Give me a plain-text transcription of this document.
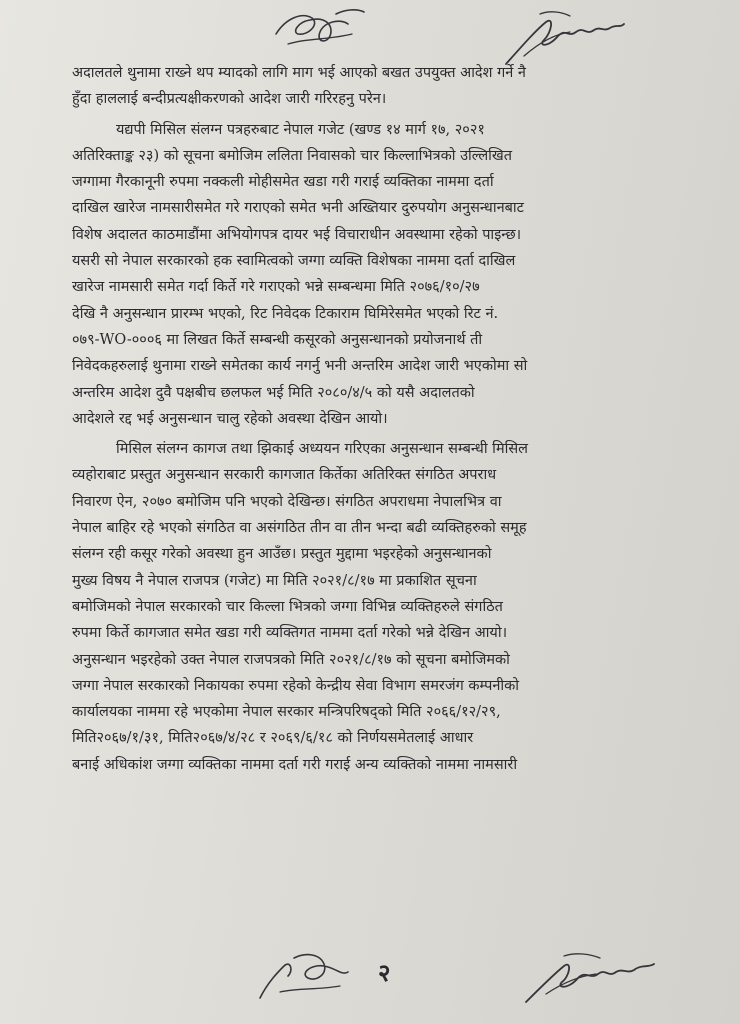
अदालतले थुनामा राख्ने थप म्यादको लागि माग भई आएको बखत उपयुक्त आदेश गर्ने नै
हुँदा हाललाई बन्दीप्रत्यक्षीकरणको आदेश जारी गरिरहनु परेन।

यद्यपी मिसिल संलग्न पत्रहरुबाट नेपाल गजेट (खण्ड १४ मार्ग १७, २०२१
अतिरिक्ताङ्क २३) को सूचना बमोजिम ललिता निवासको चार किल्लाभित्रको उल्लिखित
जग्गामा गैरकानूनी रुपमा नक्कली मोहीसमेत खडा गरी गराई व्यक्तिका नाममा दर्ता
दाखिल खारेज नामसारीसमेत गरे गराएको समेत भनी अख्तियार दुरुपयोग अनुसन्धानबाट
विशेष अदालत काठमाडौंमा अभियोगपत्र दायर भई विचाराधीन अवस्थामा रहेको पाइन्छ।
यसरी सो नेपाल सरकारको हक स्वामित्वको जग्गा व्यक्ति विशेषका नाममा दर्ता दाखिल
खारेज नामसारी समेत गर्दा किर्ते गरे गराएको भन्ने सम्बन्धमा मिति २०७६/१०/२७
देखि नै अनुसन्धान प्रारम्भ भएको, रिट निवेदक टिकाराम घिमिरेसमेत भएको रिट नं.
०७९-WO-०००६ मा लिखत किर्ते सम्बन्धी कसूरको अनुसन्धानको प्रयोजनार्थ ती
निवेदकहरुलाई थुनामा राख्ने समेतका कार्य नगर्नु भनी अन्तरिम आदेश जारी भएकोमा सो
अन्तरिम आदेश दुवै पक्षबीच छलफल भई मिति २०८०/४/५ को यसै अदालतको
आदेशले रद्द भई अनुसन्धान चालु रहेको अवस्था देखिन आयो।

मिसिल संलग्न कागज तथा झिकाई अध्ययन गरिएका अनुसन्धान सम्बन्धी मिसिल
व्यहोराबाट प्रस्तुत अनुसन्धान सरकारी कागजात किर्तेका अतिरिक्त संगठित अपराध
निवारण ऐन, २०७० बमोजिम पनि भएको देखिन्छ। संगठित अपराधमा नेपालभित्र वा
नेपाल बाहिर रहे भएको संगठित वा असंगठित तीन वा तीन भन्दा बढी व्यक्तिहरुको समूह
संलग्न रही कसूर गरेको अवस्था हुन आउँछ। प्रस्तुत मुद्दामा भइरहेको अनुसन्धानको
मुख्य विषय नै नेपाल राजपत्र (गजेट) मा मिति २०२१/८/१७ मा प्रकाशित सूचना
बमोजिमको नेपाल सरकारको चार किल्ला भित्रको जग्गा विभिन्न व्यक्तिहरुले संगठित
रुपमा किर्ते कागजात समेत खडा गरी व्यक्तिगत नाममा दर्ता गरेको भन्ने देखिन आयो।
अनुसन्धान भइरहेको उक्त नेपाल राजपत्रको मिति २०२१/८/१७ को सूचना बमोजिमको
जग्गा नेपाल सरकारको निकायका रुपमा रहेको केन्द्रीय सेवा विभाग समरजंग कम्पनीको
कार्यालयका नाममा रहे भएकोमा नेपाल सरकार मन्त्रिपरिषद्को मिति २०६६/१२/२९,
मिति२०६७/१/३१, मिति२०६७/४/२८ र २०६९/६/१८ को निर्णयसमेतलाई आधार
बनाई अधिकांश जग्गा व्यक्तिका नाममा दर्ता गरी गराई अन्य व्यक्तिको नाममा नामसारी

२
